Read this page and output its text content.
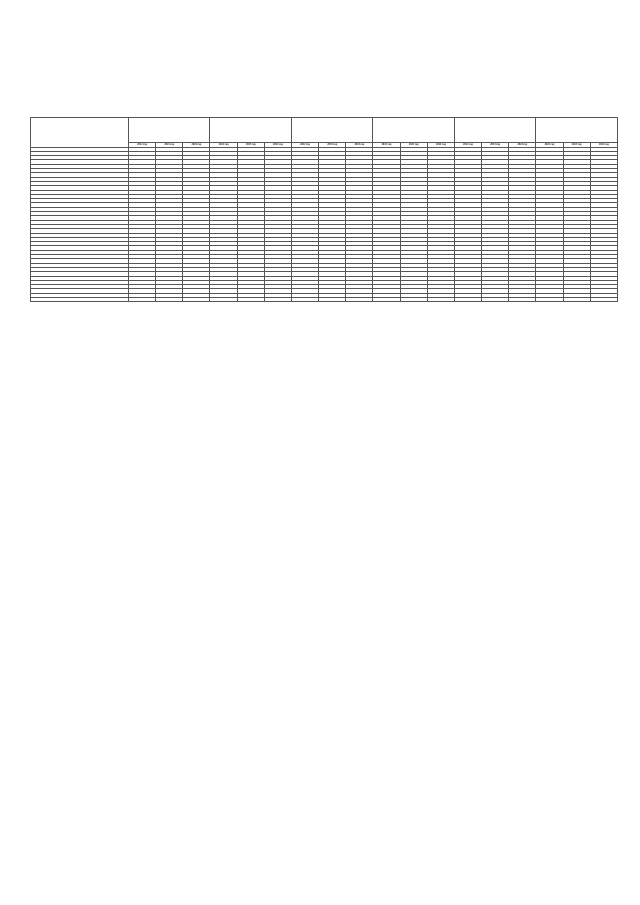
	2022 год	2023 год	2024 год	2022 год	2023 год	2024 год	2022 год	2023 год	2024 год	2022 год	2023 год	2024 год	2022 год	2023 год	2024 год	2022 год	2023 год	2024 год
